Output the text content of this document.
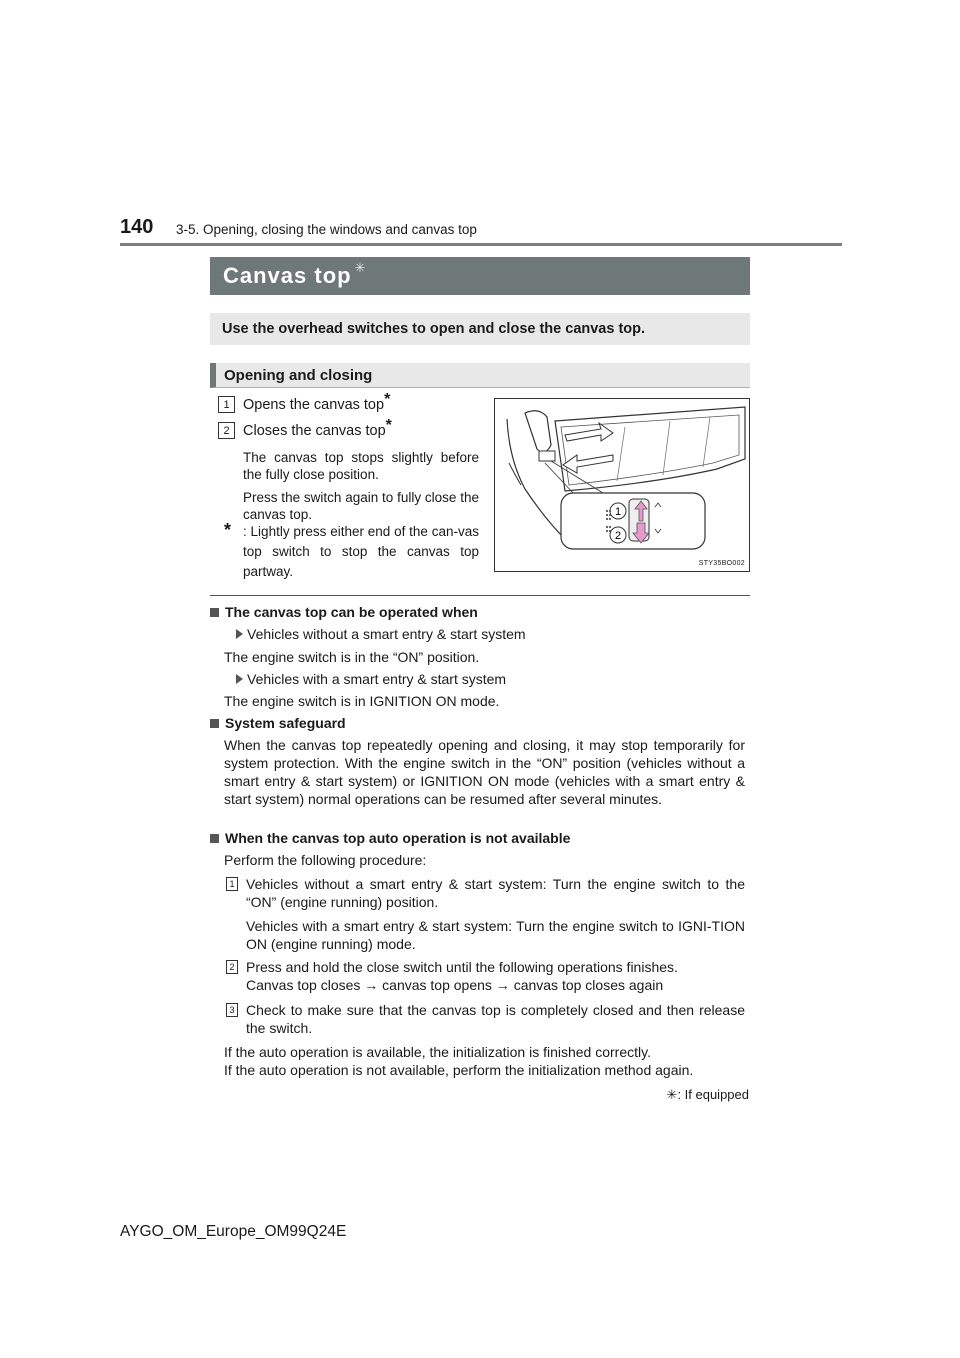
140 3-5. Opening, closing the windows and canvas top
Canvas top ✳
Use the overhead switches to open and close the canvas top.
Opening and closing
1 Opens the canvas top*
2 Closes the canvas top*
The canvas top stops slightly before the fully close position.
Press the switch again to fully close the canvas top.
* : Lightly press either end of the can-vas top switch to stop the canvas top partway.
1
2
STY35BO002
The canvas top can be operated when
Vehicles without a smart entry & start system
The engine switch is in the “ON” position.
Vehicles with a smart entry & start system
The engine switch is in IGNITION ON mode.
System safeguard
When the canvas top repeatedly opening and closing, it may stop temporarily for system protection. With the engine switch in the “ON” position (vehicles without a smart entry & start system) or IGNITION ON mode (vehicles with a smart entry & start system) normal operations can be resumed after several minutes.
When the canvas top auto operation is not available
Perform the following procedure:
1 Vehicles without a smart entry & start system: Turn the engine switch to the “ON” (engine running) position.
Vehicles with a smart entry & start system: Turn the engine switch to IGNI-TION ON (engine running) mode.
2 Press and hold the close switch until the following operations finishes.
Canvas top closes → canvas top opens → canvas top closes again
3 Check to make sure that the canvas top is completely closed and then release the switch.
If the auto operation is available, the initialization is finished correctly.
If the auto operation is not available, perform the initialization method again.
✳: If equipped
AYGO_OM_Europe_OM99Q24E
